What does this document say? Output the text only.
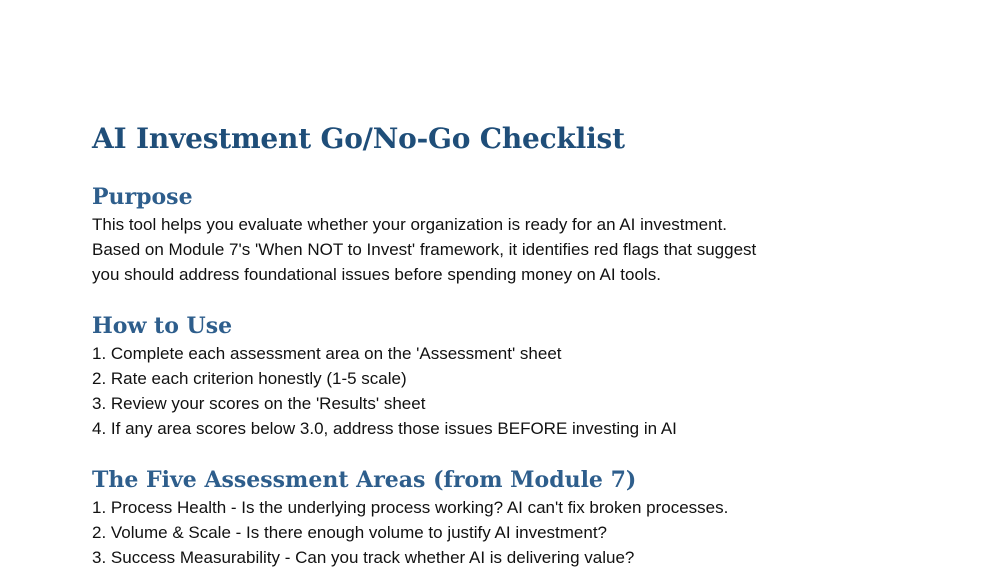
AI Investment Go/No-Go Checklist
Purpose

This tool helps you evaluate whether your organization is ready for an AI investment.

Based on Module 7's 'When NOT to Invest' framework, it identifies red flags that suggest

you should address foundational issues before spending money on AI tools.

How to Use
1. Complete each assessment area on the 'Assessment' sheet
2. Rate each criterion honestly (1-5 scale)
3. Review your scores on the 'Results' sheet
4. If any area scores below 3.0, address those issues BEFORE investing in AI
The Five Assessment Areas (from Module 7)
1. Process Health - Is the underlying process working? AI can't fix broken processes.
2. Volume & Scale - Is there enough volume to justify AI investment?
3. Success Measurability - Can you track whether AI is delivering value?
